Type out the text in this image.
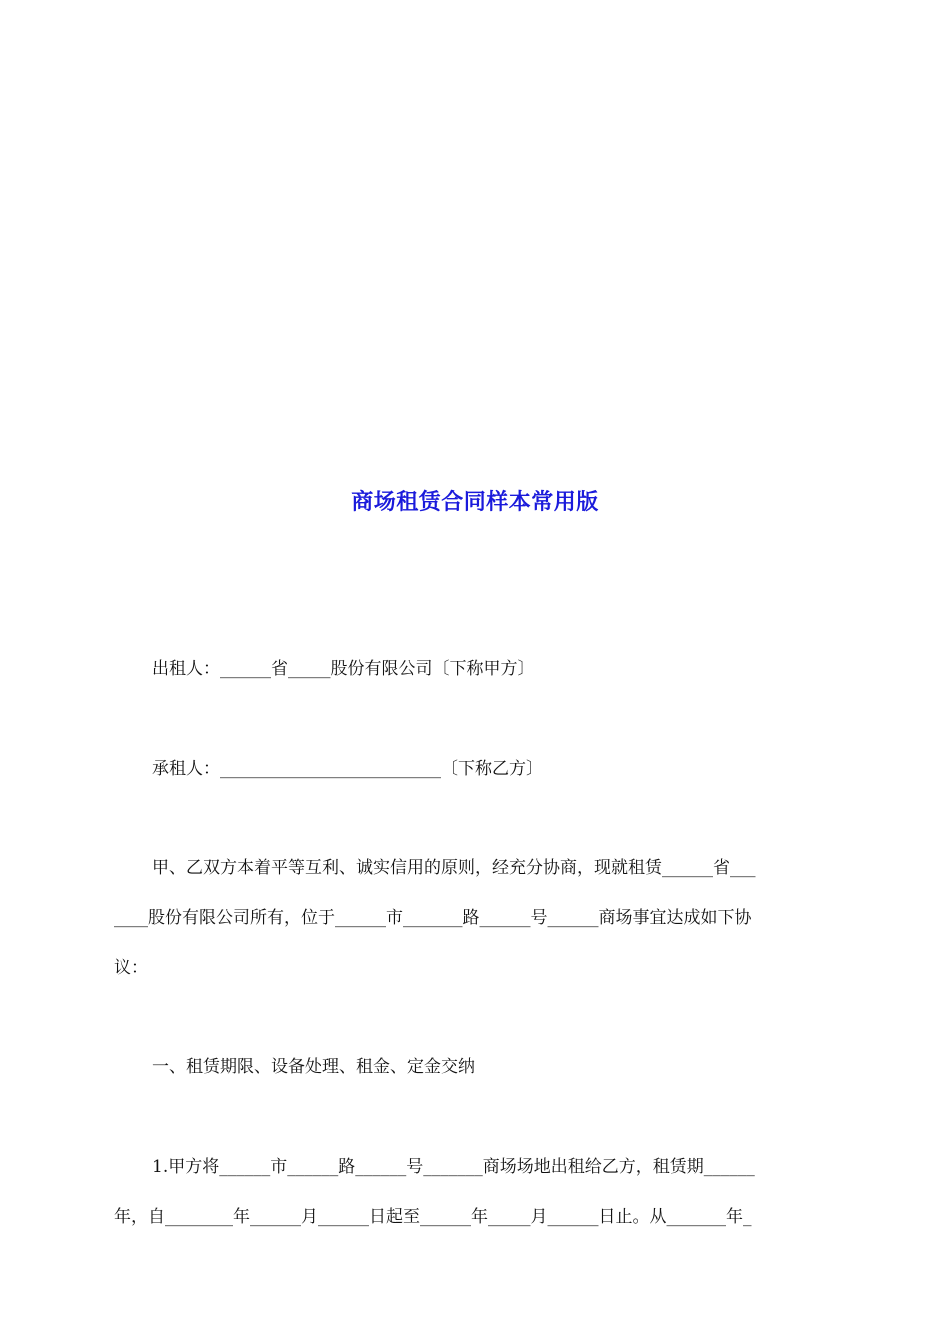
商场租赁合同样本常用版
出租人：______省_____股份有限公司〔下称甲方〕
承租人：__________________________〔下称乙方〕
甲、乙双方本着平等互利、诚实信用的原则，经充分协商，现就租赁______省___
____股份有限公司所有，位于______市_______路______号______商场事宜达成如下协
议：
一、租赁期限、设备处理、租金、定金交纳
1.甲方将______市______路______号_______商场场地出租给乙方，租赁期______
年，自________年______月______日起至______年_____月______日止。从_______年_
